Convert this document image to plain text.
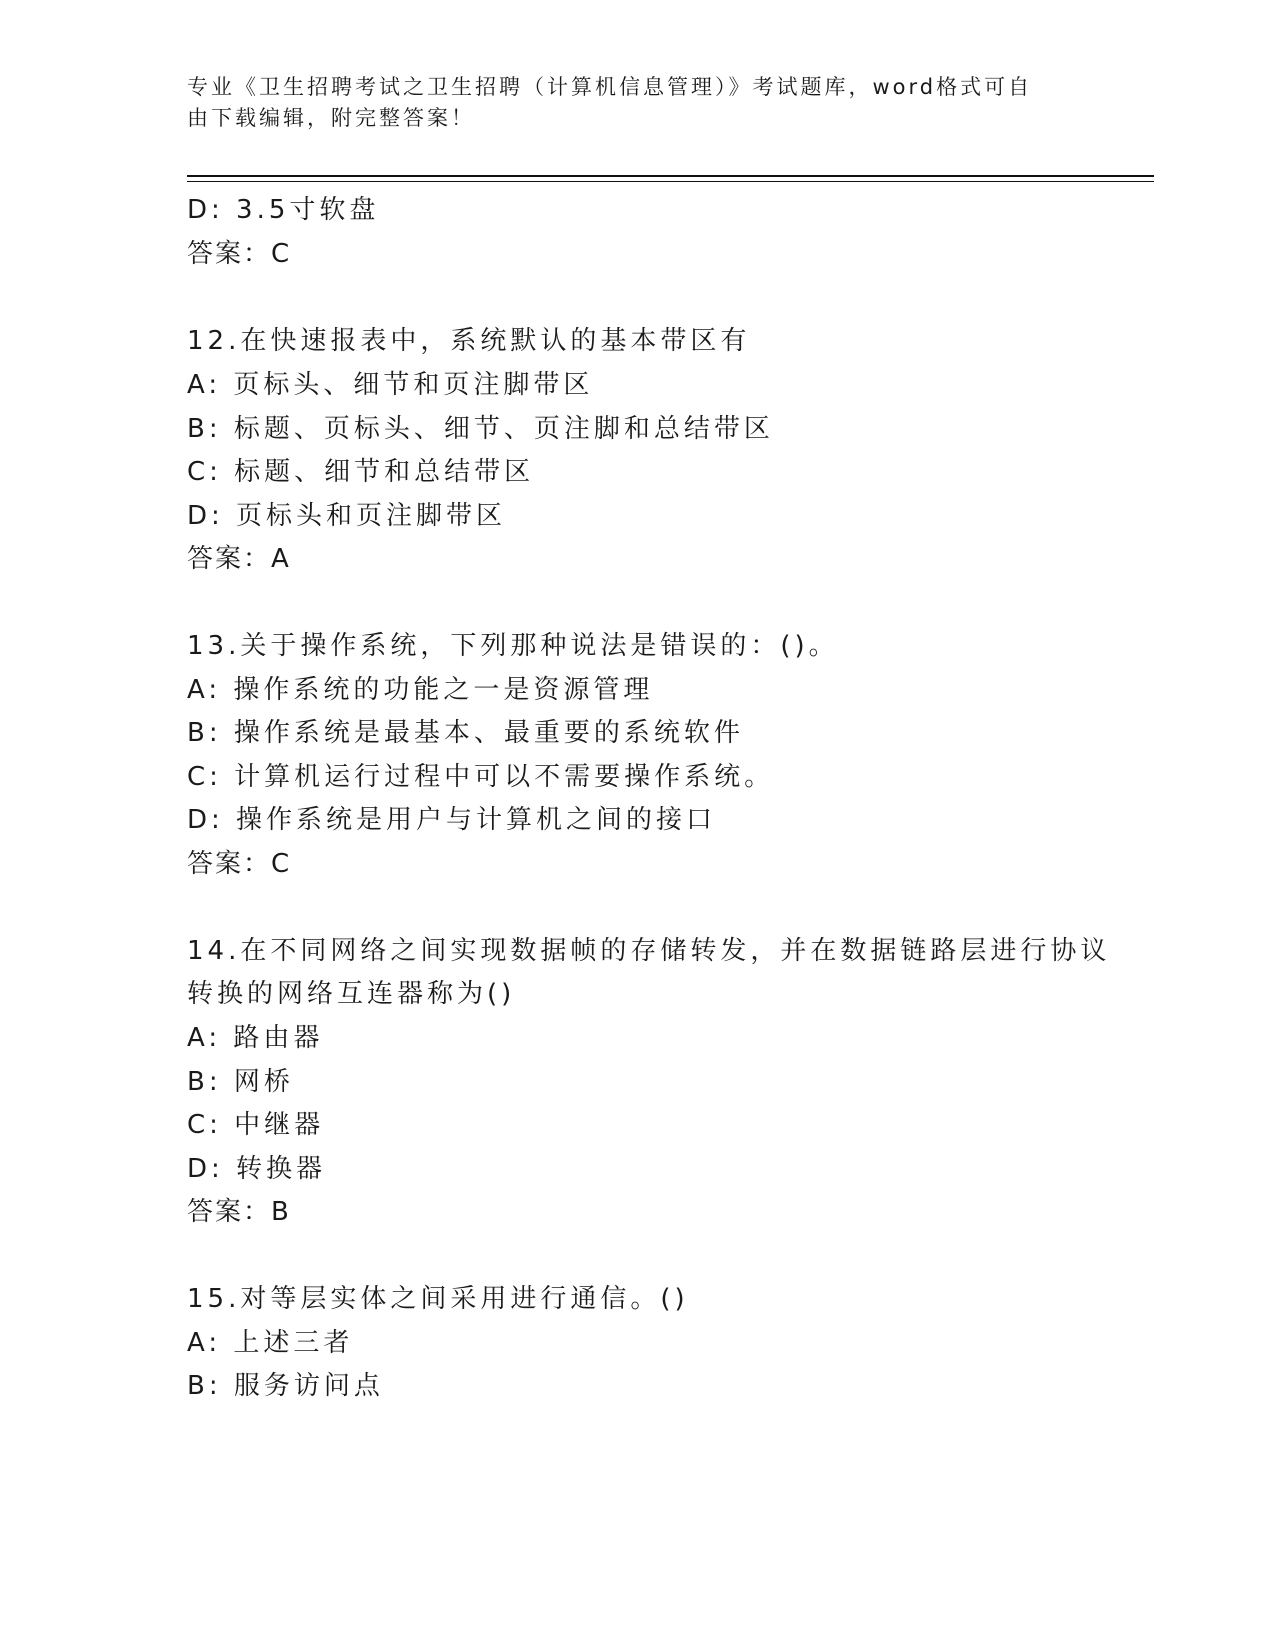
专业《卫生招聘考试之卫生招聘（计算机信息管理）》考试题库，word格式可自
由下载编辑，附完整答案！
D: 3.5寸软盘
答案：C
12.在快速报表中，系统默认的基本带区有
A: 页标头、细节和页注脚带区
B: 标题、页标头、细节、页注脚和总结带区
C: 标题、细节和总结带区
D: 页标头和页注脚带区
答案：A
13.关于操作系统，下列那种说法是错误的：()。
A: 操作系统的功能之一是资源管理
B: 操作系统是最基本、最重要的系统软件
C: 计算机运行过程中可以不需要操作系统。
D: 操作系统是用户与计算机之间的接口
答案：C
14.在不同网络之间实现数据帧的存储转发，并在数据链路层进行协议
转换的网络互连器称为()
A: 路由器
B: 网桥
C: 中继器
D: 转换器
答案：B
15.对等层实体之间采用进行通信。()
A: 上述三者
B: 服务访问点
